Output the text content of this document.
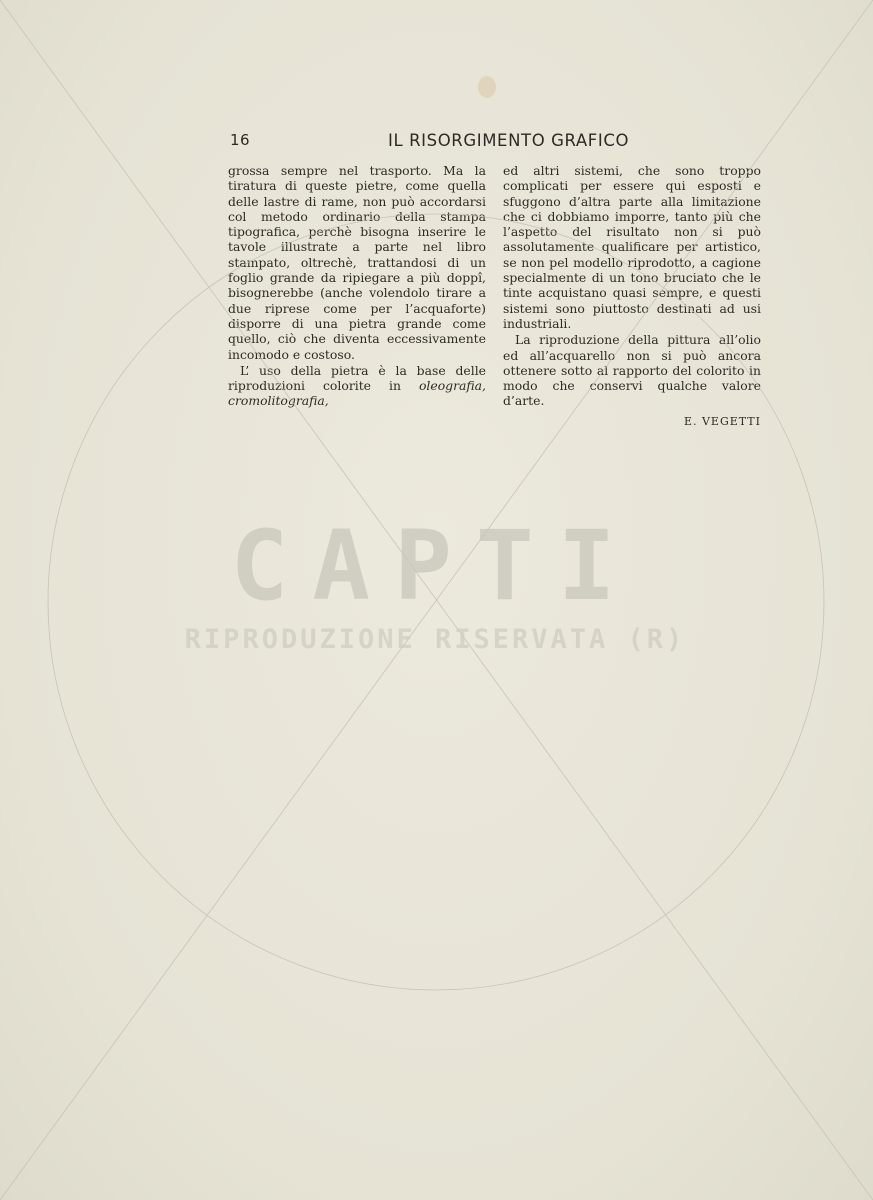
16	IL RISORGIMENTO GRAFICO

grossa sempre nel trasporto. Ma la tiratura di queste pietre, come quella delle lastre di rame, non può accordarsi col metodo ordinario della stampa tipografica, perchè bisogna inserire le tavole illustrate a parte nel libro stampato, oltrechè, trattandosi di un foglio grande da ripiegare a più doppî, bisognerebbe (anche volendolo tirare a due riprese come per l’acquaforte) disporre di una pietra grande come quello, ciò che diventa eccessivamente incomodo e costoso.

L’ uso della pietra è la base delle riproduzioni colorite in oleografia, cromolitografia,

ed altri sistemi, che sono troppo complicati per essere qui esposti e sfuggono d’altra parte alla limitazione che ci dobbiamo imporre, tanto più che l’aspetto del risultato non si può assolutamente qualificare per artistico, se non pel modello riprodotto, a cagione specialmente di un tono bruciato che le tinte acquistano quasi sempre, e questi sistemi sono piuttosto destinati ad usi industriali.

La riproduzione della pittura all’olio ed all’acquarello non si può ancora ottenere sotto al rapporto del colorito in modo che conservi qualche valore d’arte.

E. VEGETTI
CAPTI
RIPRODUZIONE RISERVATA (R)
